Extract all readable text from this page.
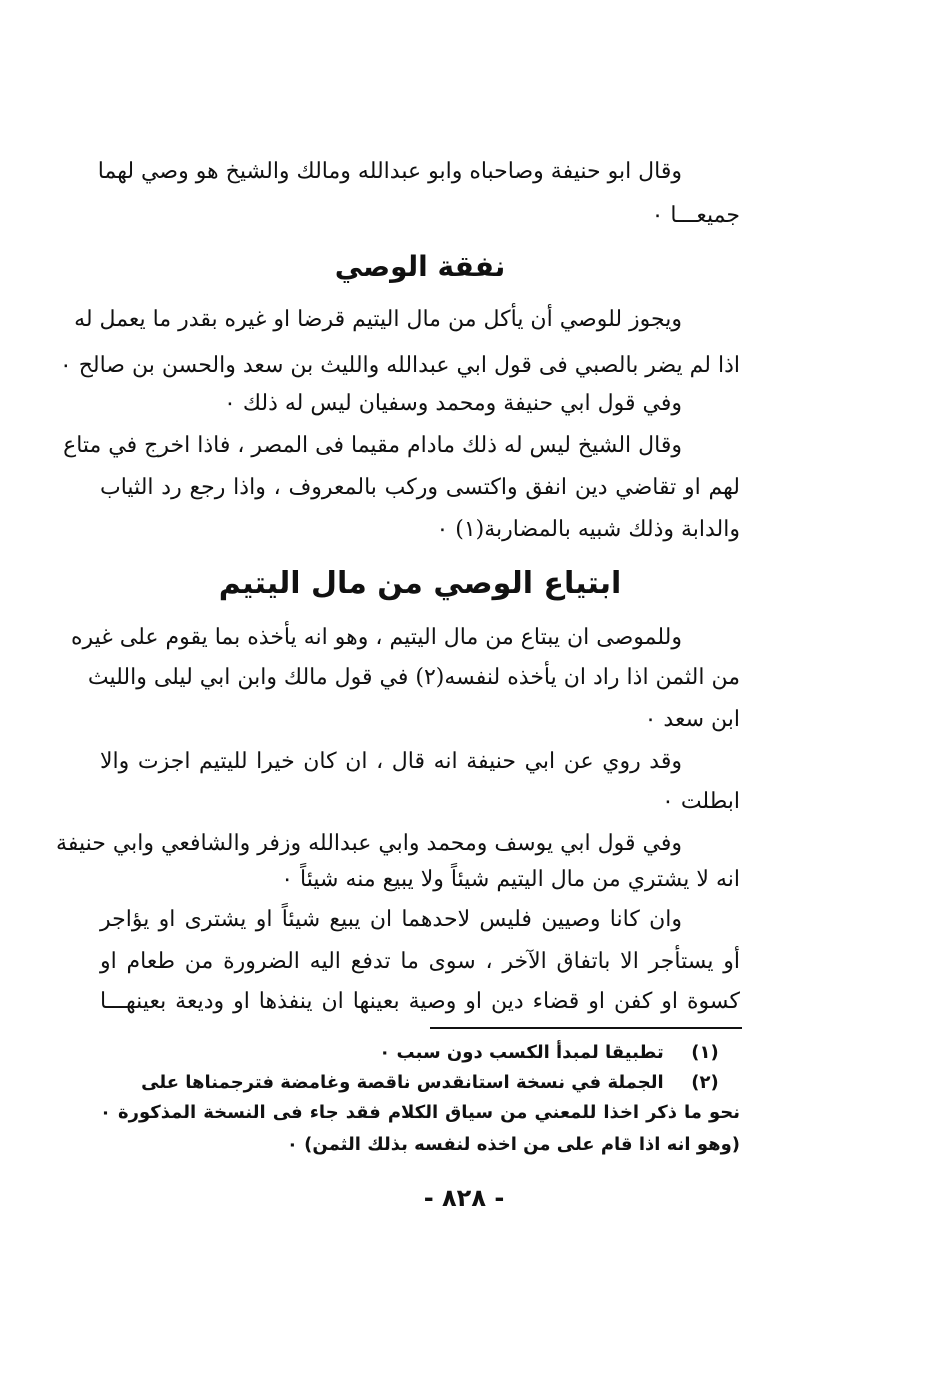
وقال ابو حنيفة وصاحباه وابو عبدالله ومالك والشيخ هو وصي لهما
جميعـــا ٠
نفقة الوصي
ويجوز للوصي أن يأكل من مال اليتيم قرضا او غيره بقدر ما يعمل له
اذا لم يضر بالصبي فى قول ابي عبدالله والليث بن سعد والحسن بن صالح ٠
وفي قول ابي حنيفة ومحمد وسفيان ليس له ذلك ٠
وقال الشيخ ليس له ذلك مادام مقيما فى المصر ، فاذا اخرج في متاع
لهم او تقاضي دين انفق واكتسى وركب بالمعروف ، واذا رجع رد الثياب
والدابة وذلك شبيه بالمضاربة(١) ٠
ابتياع الوصي من مال اليتيم
وللموصى ان يبتاع من مال اليتيم ، وهو انه يأخذه بما يقوم على غيره
من الثمن اذا راد ان يأخذه لنفسه(٢) في قول مالك وابن ابي ليلى والليث
ابن سعد ٠
وقد روي عن ابي حنيفة انه قال ، ان كان خيرا لليتيم اجزت والا
ابطلت ٠
وفي قول ابي يوسف ومحمد وابي عبدالله وزفر والشافعي وابي حنيفة
انه لا يشتري من مال اليتيم شيئاً ولا يبيع منه شيئاً ٠
وان كانا وصيين فليس لاحدهما ان يبيع شيئاً او يشترى او يؤاجر
أو يستأجر الا باتفاق الآخر ، سوى ما تدفع اليه الضرورة من طعام او
كسوة او كفن او قضاء دين او وصية بعينها ان ينفذها او وديعة بعينهـــا
(١) تطبيقا لمبدأ الكسب دون سبب ٠
(٢) الجملة في نسخة استانقدس ناقصة وغامضة فترجمناها على
نحو ما ذكر اخذا للمعني من سياق الكلام فقد جاء فى النسخة المذكورة ٠
(وهو انه اذا قام على من اخذه لنفسه بذلك الثمن) ٠
- ٨٢٨ -
